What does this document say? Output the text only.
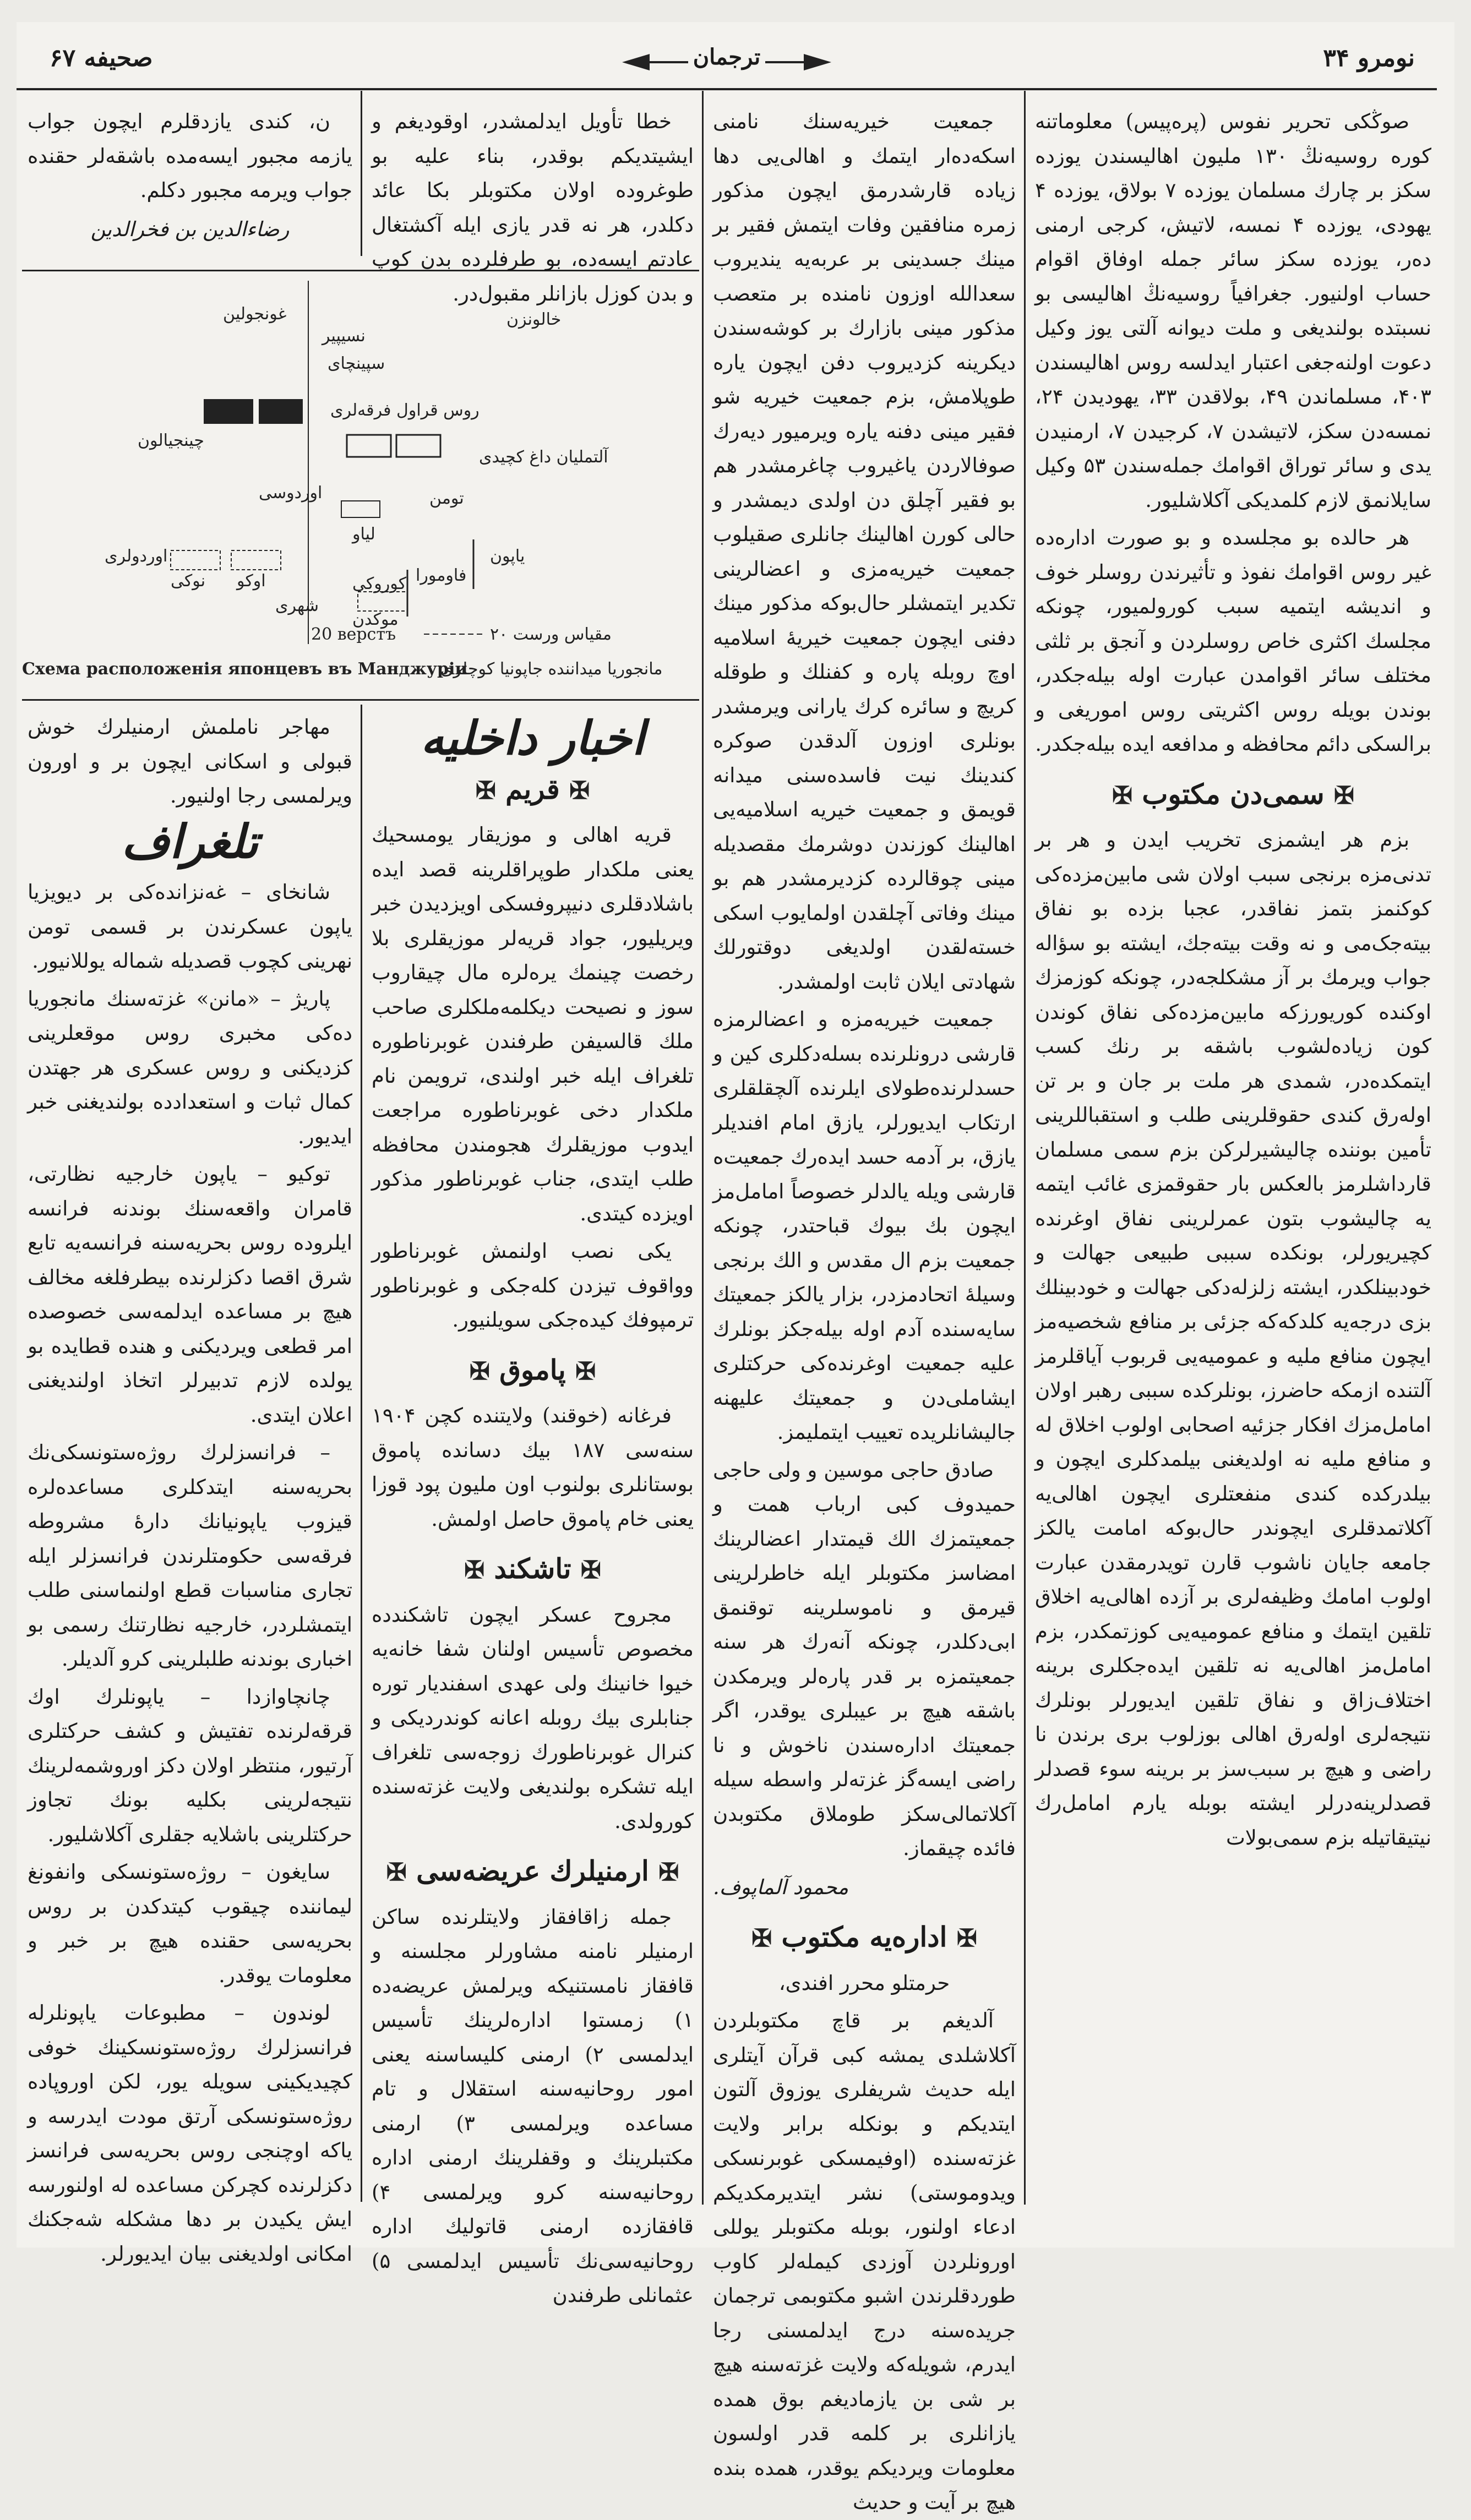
نومرو ۳۴
ترجمان
صحیفه ۶۷

صوڭکی تحریر نفوس (پرەپیس) معلوماتنه کوره روسیەنڭ ۱۳۰ ملیون اهالیسندن یوزده سکز بر چارك مسلمان یوزده ۷ بولاق، یوزده ۴ یهودی، یوزده ۴ نمسه، لاتیش، کرجی ارمنی ده‌ر، یوزده سکز سائر جمله اوفاق اقوام حساب اولنیور. جغرافیاً روسیەنڭ اهالیسی بو نسبتده بولندیغی و ملت دیوانه آلتی یوز وکیل دعوت اولنەجغی اعتبار ایدلسه روس اهالیسندن ۴۰۳، مسلماندن ۴۹، بولاقدن ۳۳، یهودیدن ۲۴، نمسەدن سکز، لاتیشدن ۷، کرجیدن ۷، ارمنیدن یدی و سائر توراق اقوامك جملەسندن ۵۳ وکیل سایلانمق لازم کلمدیکی آکلاشلیور.

هر حالده بو مجلسده و بو صورت ادارەده غیر روس اقوامك نفوذ و تأثیرندن روسلر خوف و اندیشه ایتمیه سبب کورولمیور، چونکه مجلسك اکثری خاص روسلردن و آنجق بر ثلثی مختلف سائر اقوامدن عبارت اوله بیله‌جکدر، بوندن بویله روس اکثریتی روس اموریغی و برالسکی دائم محافظه و مدافعه ایده بیله‌جکدر.

✠ سمی‌دن مکتوب ✠

بزم هر ایشمزی تخریب ایدن و هر بر تدنی‌مزه برنجی سبب اولان شی مابین‌مزده‌کی کوکنمز بتمز نفاقدر، عجبا بزده بو نفاق بیته‌جک‌می و نه وقت بیته‌جك، ایشته بو سؤاله جواب ویرمك بر آز مشکلجه‌در، چونکه کوزمزك اوکنده کوریورزکه مابین‌مزده‌کی نفاق کوندن کون زیاده‌لشوب باشقه بر رنك کسب ایتمکده‌در، شمدی هر ملت بر جان و بر تن اولەرق کندی حقوقلرینی طلب و استقباللرینی تأمین بوننده چالیشیرلرکن بزم سمی مسلمان قارداشلرمز بالعکس بار حقوقمزی غائب ایتمه‌ یه چالیشوب بتون عمرلرینی نفاق اوغرنده کچیریورلر، بونکده سببی طبیعی جهالت و خودبینلکدر، ایشته زلزلەدکی جهالت و خودبینلك بزی درجه‌یه کلدکه‌که جزئی بر منافع شخصیه‌مز ایچون منافع ملیه و عمومیه‌یی قربوب آیاقلرمز آلتنده ازمکه حاضرز، بونلرکده سببی رهبر اولان امامل‌مزك افکار جزئیه اصحابی اولوب اخلاق لە و منافع ملیه نه اولدیغنی بیلمدکلری ایچون و بیلدرکده کندی منفعتلری ایچون اهالی‌یه آکلاتمدقلری ایچوندر حال‌بوکه امامت یالکز جامعه جایان ناشوب قارن تویدرمقدن عبارت اولوب امامك وظیفه‌لری بر آزده اهالی‌یه اخلاق تلقین ایتمك و منافع عمومیه‌یی کوزتمکدر، بزم امامل‌مز اهالی‌یه نه تلقین ایده‌جکلری برینه اختلاف‌زاق و نفاق تلقین ایدیورلر بونلرك نتیجه‌لری اولەرق اهالی بوزلوب بری برندن نا راضی و هیچ بر سبب‌سز بر برینه سوء قصدلر قصدلرینه‌درلر ایشته بوبله یارم امامل‌رك نیتیقاتیله بزم سمی‌بولات

جمعیت خیریه‌سنك نامنی اسکه‌ده‌ار ایتمك و اهالی‌یی دها زیاده قارشدرمق ایچون مذکور زمره منافقین وفات ایتمش فقیر بر مینك جسدینی بر عربه‌یه یندیروب سعدالله اوزون نامنده بر متعصب مذکور مینی بازارك بر کوشه‌سندن دیکرینه کزدیروب دفن ایچون یاره طوپلامش، بزم جمعیت خیریه شو فقیر مینی دفنه یاره ویرمیور دیه‌رك صوفالاردن یاغیروب چاغرمشدر هم بو فقیر آچلق دن اولدی دیمشدر و حالی کورن اهالینك جانلری صقیلوب جمعیت خیریه‌مزی و اعضالرینی تکدیر ایتمشلر حال‌بوکه مذکور مینك دفنی ایچون جمعیت خیریهٔ اسلامیه اوچ روبله پاره و کفنلك و طوقله کریچ و سائره کرك یارانی ویرمشدر بونلری اوزون آلدقدن صوکره کندینك نیت فاسده‌سنی میدانه قویمق و جمعیت خیریه‌ اسلامیه‌یی اهالینك کوزندن دوشرمك مقصدیله مینی چوقالرده کزدیرمشدر هم بو مینك وفاتی آچلقدن اولمایوب اسکی خسته‌لقدن اولدیغی دوقتورلك شهادتی ایلان ثابت اولمشدر.

جمعیت خیریه‌مزه و اعضالرمزه قارشی درونلرنده بسله‌دکلری کین و حسدلرنده‌طولای ایلرنده آلچقلقلری ارتکاب ایدیورلر، یازق امام افندیلر یازق، بر آدمه حسد ایدەرك جمعیت‌ه قارشی ویله یالدلر خصوصاً امامل‌مز ایچون بك بیوك قباحتدر، چونکه جمعیت بزم ال مقدس و الك برنجی وسیلهٔ اتحادمزدر، بزار یالکز جمعیتك سایه‌سنده آدم اوله بیله‌جکز بونلرك علیه جمعیت اوغرنده‌کی حرکتلری ایشاملی‌دن و جمعیتك علیهنه جالیشانلریده تعییب ایتملیمز.

صادق حاجی موسین و ولی حاجی حمیدوف کبی ارباب همت و جمعیتمزك الك قیمتدار اعضالرینك امضاسز مکتوبلر ایله خاطرلرینی قیرمق و ناموسلرینه توقنمق ابی‌دکلدر، چونکه آنەرك هر سنه جمعیتمزه بر قدر پاره‌لر ویرمکدن باشقه هیچ بر عیبلری یوقدر، اگر جمعیتك اداره‌سندن ناخوش و نا راضی ایسه‌گز غزتەلر واسطه سیله آکلاتمالی‌سکز طوملاق مکتوبدن فائده چیقماز.

محمود آلماپوف.
✠ اداره‌یه مکتوب ✠

حرمتلو محرر افندی،

آلدیغم بر قاچ مکتوبلردن آکلاشلدی یمشه کبی قرآن آیتلری ایله حدیث شریفلری یوزوق آلتون ایتدیکم و بونکله برابر ولایت غزته‌سنده (اوفیمسکی غوبرنسکی ویدوموستی) نشر ایتدیرمکدیکم ادعاء اولنور، بوبله مکتوبلر یوللی اورونلردن آوزدی کیمله‌لر کاوب طوردقلرندن اشبو مکتوبمی ترجمان جریده‌سنه درج ایدلمسنی رجا ایدرم، شویله‌که ولایت غزته‌سنه هیچ بر شی بن یازمادیغم بوق همده یازانلری بر کلمه قدر اولسون معلومات ویردیکم یوقدر، همده بنده هیچ بر آیت و حدیث

خطا تأویل ایدلمشدر، اوقودیغم و ایشیتدیکم بوقدر، بناء علیه بو طوغرودە اولان مکتوبلر بکا عائد دکلدر، هر نه قدر یازی ایله آکشتغال عادتم ایسه‌ده، بو طرفلرده بدن کوپ و بدن کوزل بازانلر مقبول‌در.

ن، کندی یازدقلرم ایچون جواب یازمه مجبور ایسه‌مده باشقه‌لر حقنده جواب ویرمه مجبور دکلم.

رضاءالدین بن فخرالدین
خالونزن
غونجولین
سپینچای
روس قراول فرقه‌لری
چینجیالون
آلتملیان داغ کچیدی
تومن
اوردوسی
لیاو
یاپون
اوردولری
نوکی اوکو
شهری
کوروکی
موکدن
فاومورا
نسیپیر
20 верстъ	مقیاس ورست ۲۰
Схема расположенія японцевъ въ Манджуріи
مانجوریا میداننده جاپونیا کوچلری
اخبار داخلیه
✠ قریم ✠

قریه اهالی و موزیقار یومسحیك یعنی ملکدار طوپراقلرینه قصد ایده باشلادقلری دنیپروفسکی اویزدیدن خبر ویریلیور، جواد قریه‌لر موزیقلری بلا رخصت چینمك یره‌لره مال چیقاروب سوز و نصیحت دیکلمه‌ملکلری صاحب ملك قالسیفن طرفندن غوبرناطوره تلغراف ایله خبر اولندی، ترویمن نام ملکدار دخی غوبرناطوره مراجعت ایدوب موزیقلرك هجومندن محافظه طلب ایتدی، جناب غوبرناطور مذکور اویزده کیتدی.

یکی نصب اولنمش غوبرناطور وواقوف تیزدن کله‌جکی و غوبرناطور ترمپوفك کیده‌جکی سویلنیور.

✠ پاموق ✠

فرغانه (خوقند) ولایتنده کچن ۱۹۰۴ سنه‌سی ۱۸۷ بیك دسانده پاموق بوستانلری بولنوب اون ملیون پود قوزا یعنی خام پاموق حاصل اولمش.

✠ تاشکند ✠

مجروح عسکر ایچون تاشکندده مخصوص تأسیس اولنان شفا خانه‌یه خیوا خانینك ولی عهدی اسفندیار توره جنابلری بیك روبله اعانه کوندردیکی و کنرال غوبرناطورك زوجه‌سی تلغراف ایله تشکره بولندیغی ولایت غزته‌سنده کورولدی.

✠ ارمنیلرك عریضه‌سی ✠

جمله زاقافقاز ولایتلرنده ساکن ارمنیلر نامنه مشاورلر مجلسنه و قافقاز نامستنیکه ویرلمش عریضه‌ده ۱) زمستوا اداره‌لرینك تأسیس ایدلمسی ۲) ارمنی کلیساسنه یعنی امور روحانیه‌سنه استقلال و تام مساعده ویرلمسی ۳) ارمنی مکتبلرینك و وقفلرینك ارمنی اداره روحانیه‌سنه کرو ویرلمسی ۴) قافقازده ارمنی قاتولیك اداره روحانیه‌سی‌نك تأسیس ایدلمسی ۵) عثمانلی طرفندن

مهاجر ناملمش ارمنیلرك خوش قبولی و اسکانی ایچون بر و اورون ویرلمسی رجا اولنیور.

تلغراف

شانخای – غەنزانده‌کی بر دیویزیا یاپون عسکرندن بر قسمی تومن نهرینی کچوب قصدیله شماله یوللانیور.

پاریژ – «مانن» غزته‌سنك مانجوریا ده‌کی مخبری روس موقعلرینی کزدیکنی و روس عسکری هر جهتدن کمال ثبات و استعدادده بولندیغنی خبر ایدیور.

توکیو – یاپون خارجیه نظارتی، قامران واقعه‌سنك بوندنه فرانسه ایلروده روس بحریه‌سنه فرانسه‌یه تابع شرق اقصا دکزلرنده بیطرفلغه مخالف هیچ بر مساعده ایدلمه‌سی خصوصده امر قطعی ویردیکنی و هنده قطایده بو یولده لازم تدبیرلر اتخاذ اولندیغنی اعلان ایتدی.

– فرانسزلرك روژەستونسکی‌نك بحریه‌سنه ایتدکلری مساعده‌لره قیزوب یاپونیانك دارهٔ مشروطه فرقه‌سی حکومتلرندن فرانسزلر ایله تجاری مناسبات قطع اولنماسنی طلب ایتمشلردر، خارجیه نظارتنك رسمی بو اخباری بوندنه طلبلرینی کرو آلدیلر.

چانچاوازدا – یاپونلرك اوك قرقه‌لرنده تفتیش و کشف حرکتلری آرتیور، منتظر اولان دکز اوروشمه‌لرینك نتیجه‌لرینی بکلیه بونك تجاوز حرکتلرینی باشلایه جقلری آکلاشلیور.

سایغون – روژەستونسکی وانفونغ لیماننده چیقوب کیتدکدن بر روس بحریه‌سی حقنده هیچ بر خبر و معلومات یوقدر.

لوندون – مطبوعات یاپونلرله فرانسزلرك روژەستونسکینك خوفی کچیدیکینی سویله یور، لکن اوروپاده روژەستونسکی آرتق مودت ایدرسه و یاکه اوچنجی روس بحریه‌سی فرانسز دکزلرنده کچرکن مساعده له اولنورسه ایش یکیدن بر دها مشکله شه‌جکنك امکانی اولدیغنی بیان ایدیورلر.
